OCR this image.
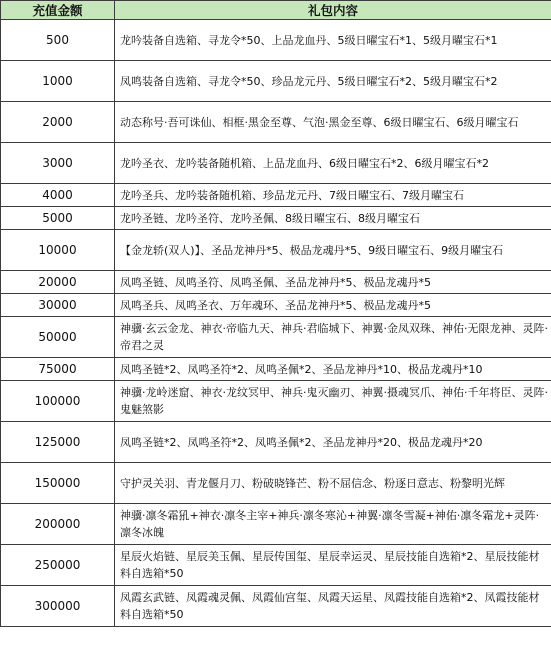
充值金额	礼包内容
500	龙吟装备自选箱、寻龙令*50、上品龙血丹、5级日曜宝石*1、5级月曜宝石*1
1000	凤鸣装备自选箱、寻龙令*50、珍品龙元丹、5级日曜宝石*2、5级月曜宝石*2
2000	动态称号·吾可诛仙、相框·黑金至尊、气泡·黑金至尊、6级日曜宝石、6级月曜宝石
3000	龙吟圣衣、龙吟装备随机箱、上品龙血丹、6级日曜宝石*2、6级月曜宝石*2
4000	龙吟圣兵、龙吟装备随机箱、珍品龙元丹、7级日曜宝石、7级月曜宝石
5000	龙吟圣链、龙吟圣符、龙吟圣佩、8级日曜宝石、8级月曜宝石
10000	【金龙轿(双人)】、圣品龙神丹*5、极品龙魂丹*5、9级日曜宝石、9级月曜宝石
20000	凤鸣圣链、凤鸣圣符、凤鸣圣佩、圣品龙神丹*5、极品龙魂丹*5
30000	凤鸣圣兵、凤鸣圣衣、万年魂环、圣品龙神丹*5、极品龙魂丹*5
50000	神骥·玄云金龙、神衣·帝临九天、神兵·君临城下、神翼·金凤双珠、神佑·无限龙神、灵阵·帝君之灵
75000	凤鸣圣链*2、凤鸣圣符*2、凤鸣圣佩*2、圣品龙神丹*10、极品龙魂丹*10
100000	神骥·龙岭迷窟、神衣·龙纹冥甲、神兵·鬼灭幽刃、神翼·摄魂冥爪、神佑·千年将臣、灵阵·鬼魅煞影
125000	凤鸣圣链*2、凤鸣圣符*2、凤鸣圣佩*2、圣品龙神丹*20、极品龙魂丹*20
150000	守护灵关羽、青龙偃月刀、粉破晓锋芒、粉不屈信念、粉逐日意志、粉黎明光辉
200000	神骥·凛冬霜犼+神衣·凛冬主宰+神兵·凛冬寒沁+神翼·凛冬雪凝+神佑·凛冬霜龙+灵阵·凛冬冰魄
250000	星辰火焰链、星辰美玉佩、星辰传国玺、星辰幸运灵、星辰技能自选箱*2、星辰技能材料自选箱*50
300000	凤霞玄武链、凤霞魂灵佩、凤霞仙宫玺、凤霞天运星、凤霞技能自选箱*2、凤霞技能材料自选箱*50
